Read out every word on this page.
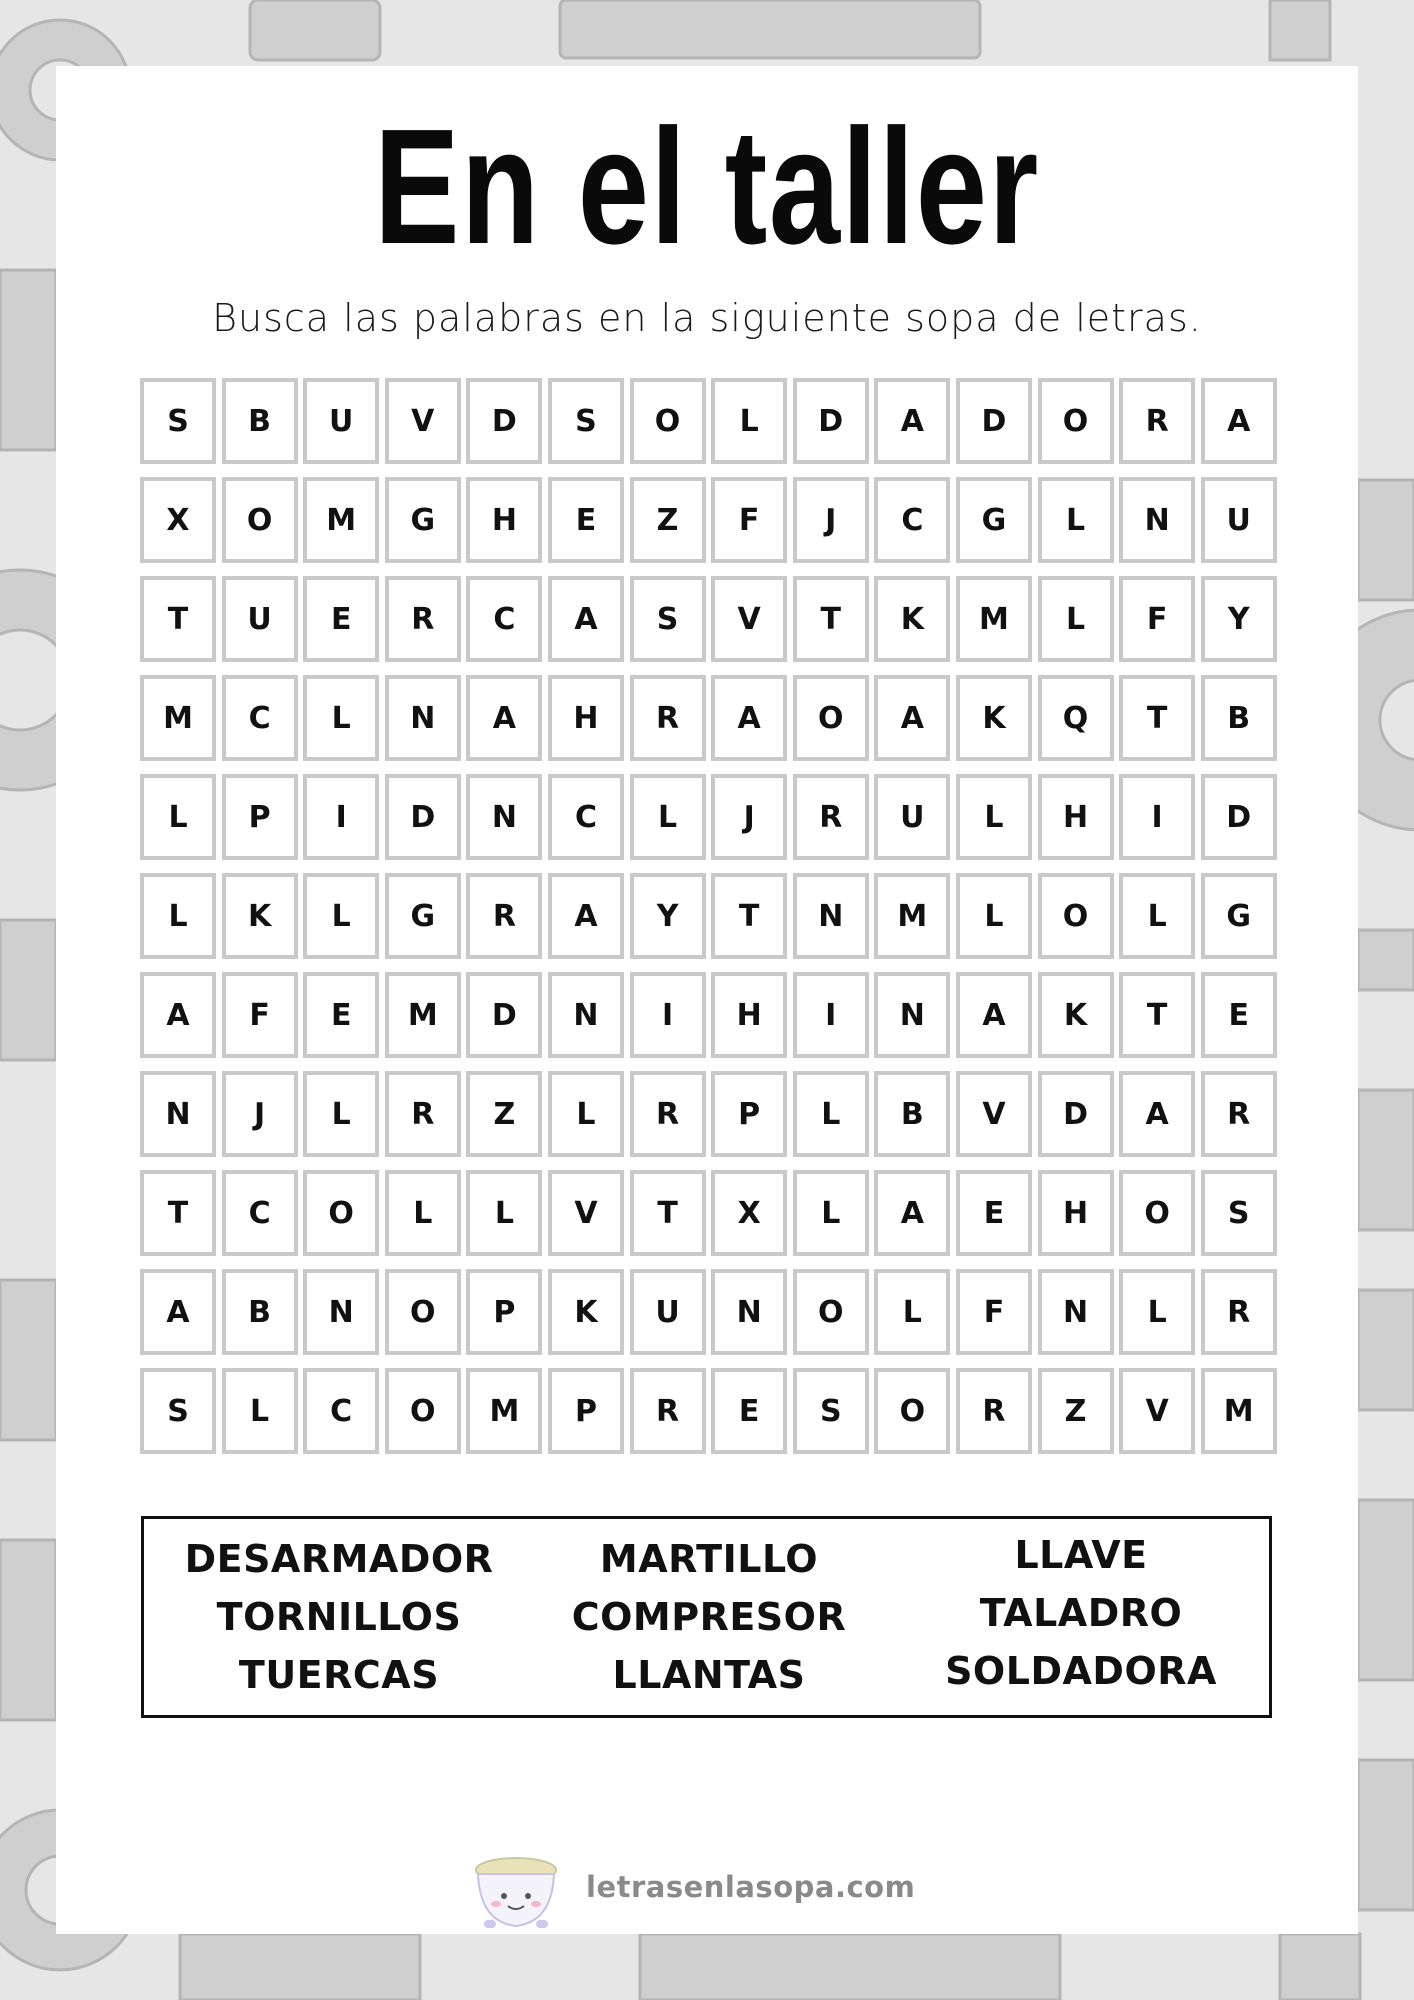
En el taller
Busca las palabras en la siguiente sopa de letras.
S	B	U	V	D	S	O	L	D	A	D	O	R	A
X	O	M	G	H	E	Z	F	J	C	G	L	N	U
T	U	E	R	C	A	S	V	T	K	M	L	F	Y
M	C	L	N	A	H	R	A	O	A	K	Q	T	B
L	P	I	D	N	C	L	J	R	U	L	H	I	D
L	K	L	G	R	A	Y	T	N	M	L	O	L	G
A	F	E	M	D	N	I	H	I	N	A	K	T	E
N	J	L	R	Z	L	R	P	L	B	V	D	A	R
T	C	O	L	L	V	T	X	L	A	E	H	O	S
A	B	N	O	P	K	U	N	O	L	F	N	L	R
S	L	C	O	M	P	R	E	S	O	R	Z	V	M
DESARMADOR
TORNILLOS
TUERCAS
MARTILLO
COMPRESOR
LLANTAS
LLAVE
TALADRO
SOLDADORA
letrasenlasopa.com
